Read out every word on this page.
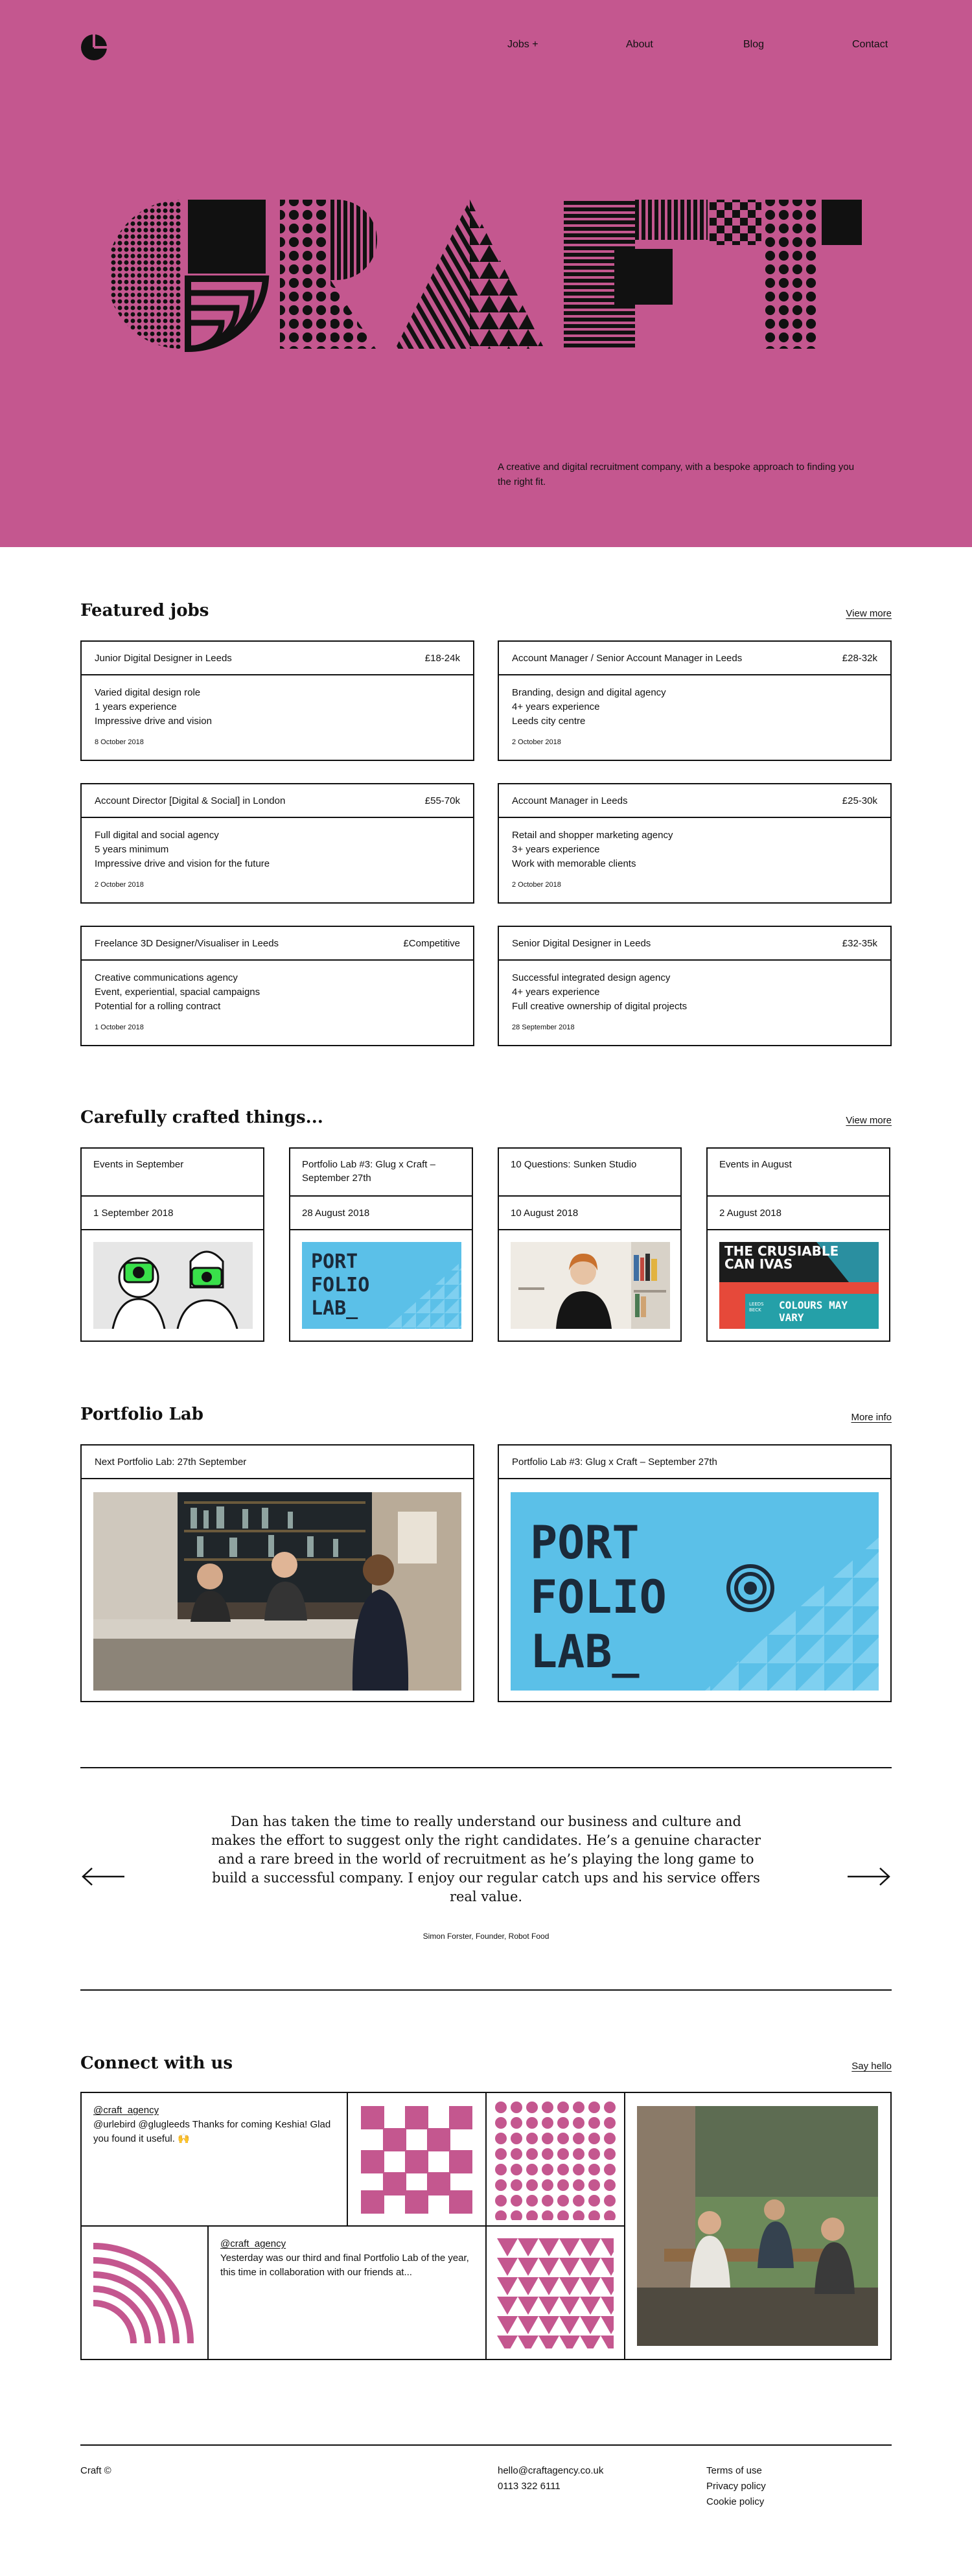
Jobs +	About	Blog	Contact

A creative and digital recruitment company, with a bespoke approach to finding you the right fit.

Featured jobs	View more
Junior Digital Designer in Leeds	£18-24k
Varied digital design role
1 years experience
Impressive drive and vision
8 October 2018
Account Manager / Senior Account Manager in Leeds	£28-32k
Branding, design and digital agency
4+ years experience
Leeds city centre
2 October 2018
Account Director [Digital & Social] in London	£55-70k
Full digital and social agency
5 years minimum
Impressive drive and vision for the future
2 October 2018
Account Manager in Leeds	£25-30k
Retail and shopper marketing agency
3+ years experience
Work with memorable clients
2 October 2018
Freelance 3D Designer/Visualiser in Leeds	£Competitive
Creative communications agency
Event, experiential, spacial campaigns
Potential for a rolling contract
1 October 2018
Senior Digital Designer in Leeds	£32-35k
Successful integrated design agency
4+ years experience
Full creative ownership of digital projects
28 September 2018
Carefully crafted things...	View more
Events in September
1 September 2018
Portfolio Lab #3: Glug x Craft – September 27th
28 August 2018
PORT
FOLIO
LAB_
10 Questions: Sunken Studio
10 August 2018
Events in August
2 August 2018
THE CRUSIABLE CAN IVAS
COLOURS MAY VARY
LEEDS BECK
Portfolio Lab	More info
Next Portfolio Lab: 27th September	Portfolio Lab #3: Glug x Craft – September 27th
PORT
FOLIO
LAB_

Dan has taken the time to really understand our business and culture and makes the effort to suggest only the right candidates. He’s a genuine character and a rare breed in the world of recruitment as he’s playing the long game to build a successful company. I enjoy our regular catch ups and his service offers real value.

Simon Forster, Founder, Robot Food

Connect with us	Say hello
@craft_agency
@urlebird @glugleeds Thanks for coming Keshia! Glad you found it useful. 🙌
@craft_agency
Yesterday was our third and final Portfolio Lab of the year, this time in collaboration with our friends at...
Craft ©	hello@craftagency.co.uk
0113 322 6111
Terms of use
Privacy policy
Cookie policy
